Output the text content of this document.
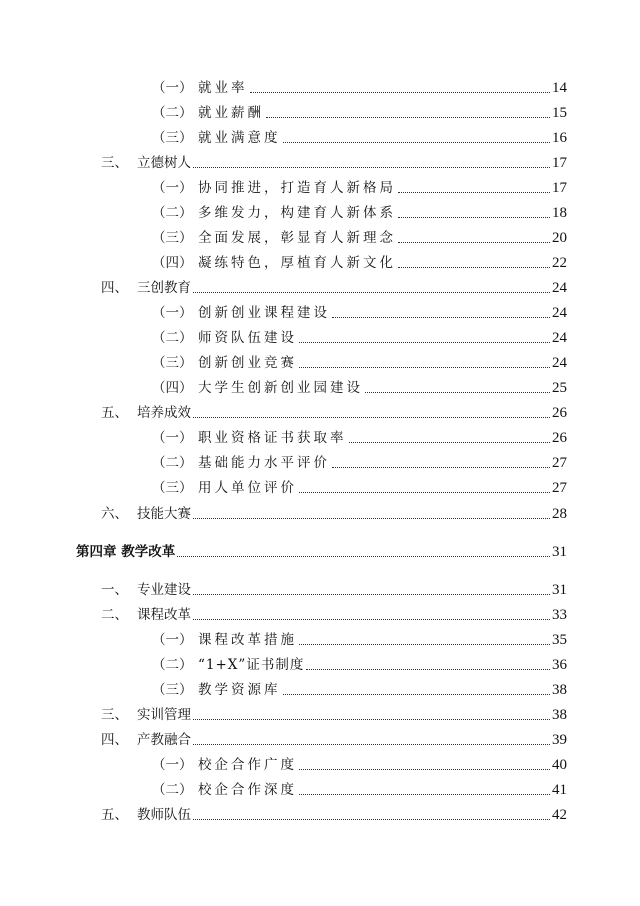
（一） 就业率	14
（二） 就业薪酬	15
（三） 就业满意度	16
三、 立德树人	17
（一） 协同推进，打造育人新格局	17
（二） 多维发力，构建育人新体系	18
（三） 全面发展，彰显育人新理念	20
（四） 凝练特色，厚植育人新文化	22
四、 三创教育	24
（一） 创新创业课程建设	24
（二） 师资队伍建设	24
（三） 创新创业竞赛	24
（四） 大学生创新创业园建设	25
五、 培养成效	26
（一） 职业资格证书获取率	26
（二） 基础能力水平评价	27
（三） 用人单位评价	27
六、 技能大赛	28
第四章 教学改革	31
一、 专业建设	31
二、 课程改革	33
（一） 课程改革措施	35
（二） “1+X”证书制度	36
（三） 教学资源库	38
三、 实训管理	38
四、 产教融合	39
（一） 校企合作广度	40
（二） 校企合作深度	41
五、 教师队伍	42
